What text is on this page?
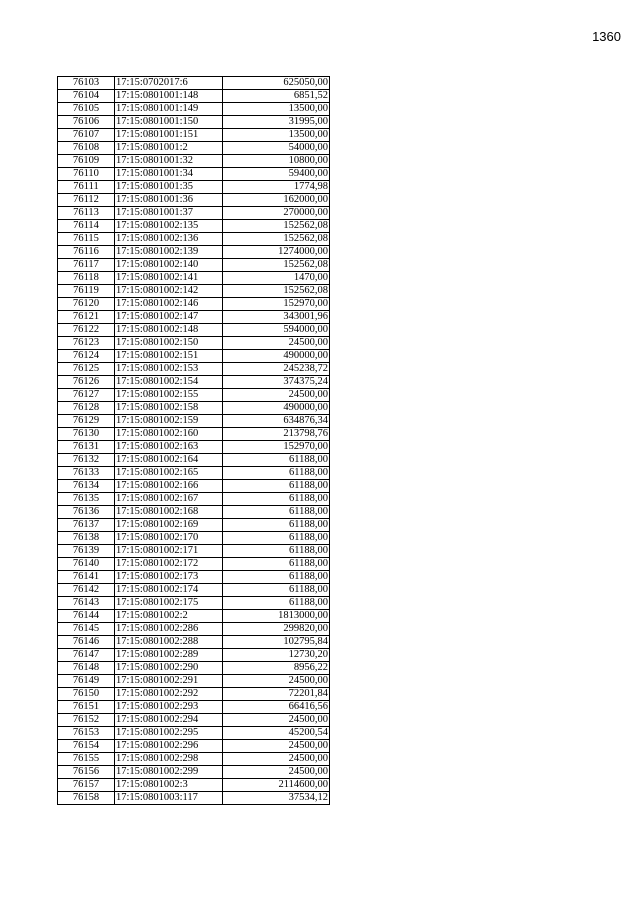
1360
76103	17:15:0702017:6	625050,00
76104	17:15:0801001:148	6851,52
76105	17:15:0801001:149	13500,00
76106	17:15:0801001:150	31995,00
76107	17:15:0801001:151	13500,00
76108	17:15:0801001:2	54000,00
76109	17:15:0801001:32	10800,00
76110	17:15:0801001:34	59400,00
76111	17:15:0801001:35	1774,98
76112	17:15:0801001:36	162000,00
76113	17:15:0801001:37	270000,00
76114	17:15:0801002:135	152562,08
76115	17:15:0801002:136	152562,08
76116	17:15:0801002:139	1274000,00
76117	17:15:0801002:140	152562,08
76118	17:15:0801002:141	1470,00
76119	17:15:0801002:142	152562,08
76120	17:15:0801002:146	152970,00
76121	17:15:0801002:147	343001,96
76122	17:15:0801002:148	594000,00
76123	17:15:0801002:150	24500,00
76124	17:15:0801002:151	490000,00
76125	17:15:0801002:153	245238,72
76126	17:15:0801002:154	374375,24
76127	17:15:0801002:155	24500,00
76128	17:15:0801002:158	490000,00
76129	17:15:0801002:159	634876,34
76130	17:15:0801002:160	213798,76
76131	17:15:0801002:163	152970,00
76132	17:15:0801002:164	61188,00
76133	17:15:0801002:165	61188,00
76134	17:15:0801002:166	61188,00
76135	17:15:0801002:167	61188,00
76136	17:15:0801002:168	61188,00
76137	17:15:0801002:169	61188,00
76138	17:15:0801002:170	61188,00
76139	17:15:0801002:171	61188,00
76140	17:15:0801002:172	61188,00
76141	17:15:0801002:173	61188,00
76142	17:15:0801002:174	61188,00
76143	17:15:0801002:175	61188,00
76144	17:15:0801002:2	1813000,00
76145	17:15:0801002:286	299820,00
76146	17:15:0801002:288	102795,84
76147	17:15:0801002:289	12730,20
76148	17:15:0801002:290	8956,22
76149	17:15:0801002:291	24500,00
76150	17:15:0801002:292	72201,84
76151	17:15:0801002:293	66416,56
76152	17:15:0801002:294	24500,00
76153	17:15:0801002:295	45200,54
76154	17:15:0801002:296	24500,00
76155	17:15:0801002:298	24500,00
76156	17:15:0801002:299	24500,00
76157	17:15:0801002:3	2114600,00
76158	17:15:0801003:117	37534,12
